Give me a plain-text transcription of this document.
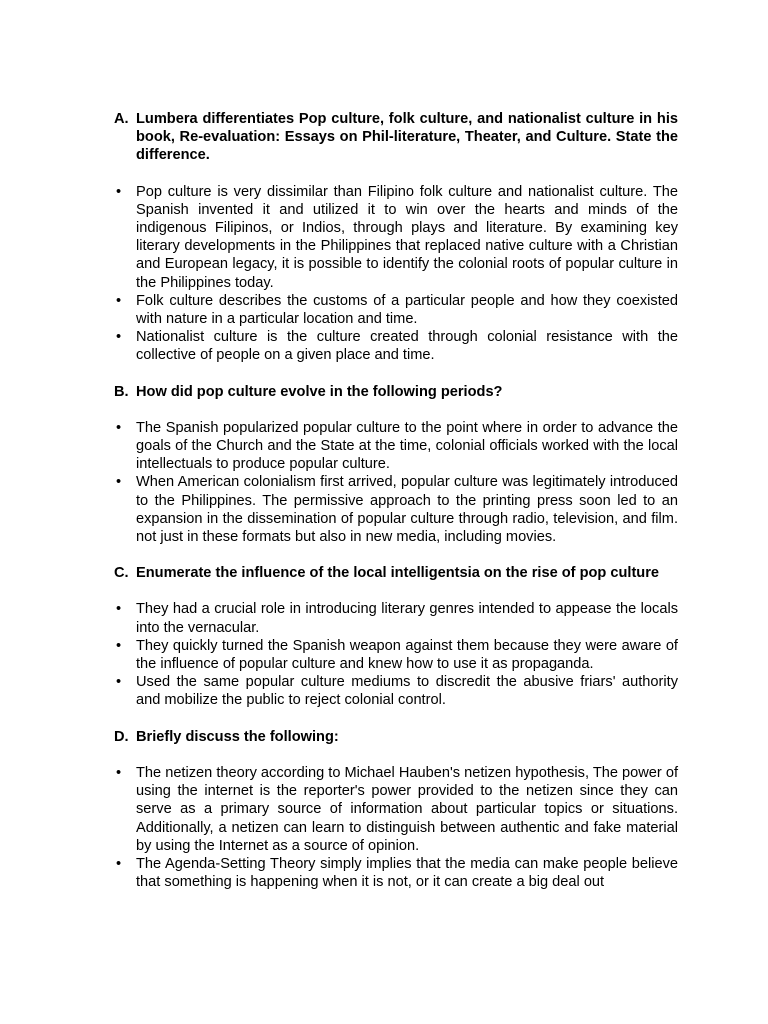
A. Lumbera differentiates Pop culture, folk culture, and nationalist culture in his book, Re-evaluation: Essays on Phil-literature, Theater, and Culture. State the difference.
• Pop culture is very dissimilar than Filipino folk culture and nationalist culture. The Spanish invented it and utilized it to win over the hearts and minds of the indigenous Filipinos, or Indios, through plays and literature. By examining key literary developments in the Philippines that replaced native culture with a Christian and European legacy, it is possible to identify the colonial roots of popular culture in the Philippines today.
• Folk culture describes the customs of a particular people and how they coexisted with nature in a particular location and time.
• Nationalist culture is the culture created through colonial resistance with the collective of people on a given place and time.
B. How did pop culture evolve in the following periods?
• The Spanish popularized popular culture to the point where in order to advance the goals of the Church and the State at the time, colonial officials worked with the local intellectuals to produce popular culture.
• When American colonialism first arrived, popular culture was legitimately introduced to the Philippines. The permissive approach to the printing press soon led to an expansion in the dissemination of popular culture through radio, television, and film. not just in these formats but also in new media, including movies.
C. Enumerate the influence of the local intelligentsia on the rise of pop culture
• They had a crucial role in introducing literary genres intended to appease the locals into the vernacular.
• They quickly turned the Spanish weapon against them because they were aware of the influence of popular culture and knew how to use it as propaganda.
• Used the same popular culture mediums to discredit the abusive friars' authority and mobilize the public to reject colonial control.
D. Briefly discuss the following:
• The netizen theory according to Michael Hauben's netizen hypothesis, The power of using the internet is the reporter's power provided to the netizen since they can serve as a primary source of information about particular topics or situations. Additionally, a netizen can learn to distinguish between authentic and fake material by using the Internet as a source of opinion.
• The Agenda-Setting Theory simply implies that the media can make people believe that something is happening when it is not, or it can create a big deal out
